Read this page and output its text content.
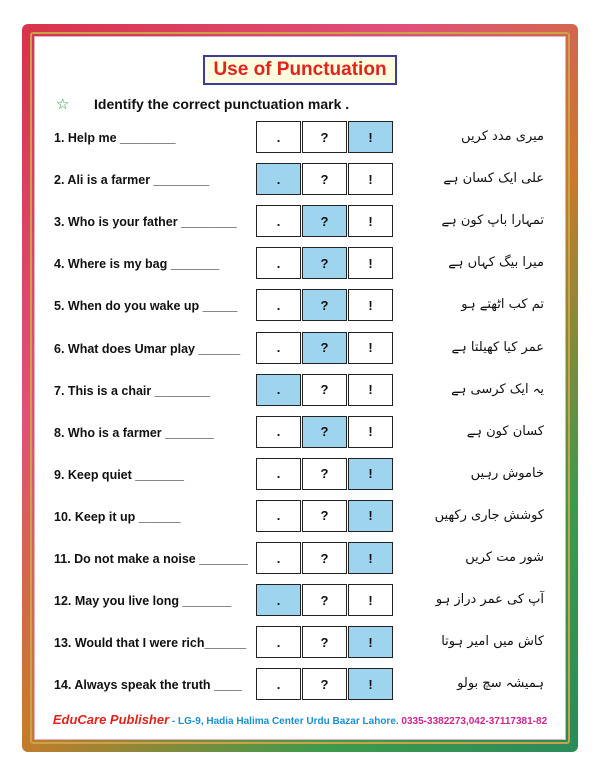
Use of Punctuation
☆	Identify the correct punctuation mark .
1. Help me ________	.	?	!	میری مدد کریں
2. Ali is a farmer ________	.	?	!	علی ایک کسان ہے
3. Who is your father ________	.	?	!	تمہارا باپ کون ہے
4. Where is my bag _______	.	?	!	میرا بیگ کہاں ہے
5. When do you wake up _____	.	?	!	تم کب اٹھتے ہو
6. What does Umar play ______	.	?	!	عمر کیا کھیلتا ہے
7. This is a chair ________	.	?	!	یہ ایک کرسی ہے
8. Who is a farmer _______	.	?	!	کسان کون ہے
9. Keep quiet _______	.	?	!	خاموش رہیں
10. Keep it up ______	.	?	!	کوشش جاری رکھیں
11. Do not make a noise _______	.	?	!	شور مت کریں
12. May you live long _______	.	?	!	آپ کی عمر دراز ہو
13. Would that I were rich______	.	?	!	کاش میں امیر ہوتا
14. Always speak the truth ____	.	?	!	ہمیشہ سچ بولو
EduCare Publisher - LG-9, Hadia Halima Center Urdu Bazar Lahore. 0335-3382273,042-37117381-82
